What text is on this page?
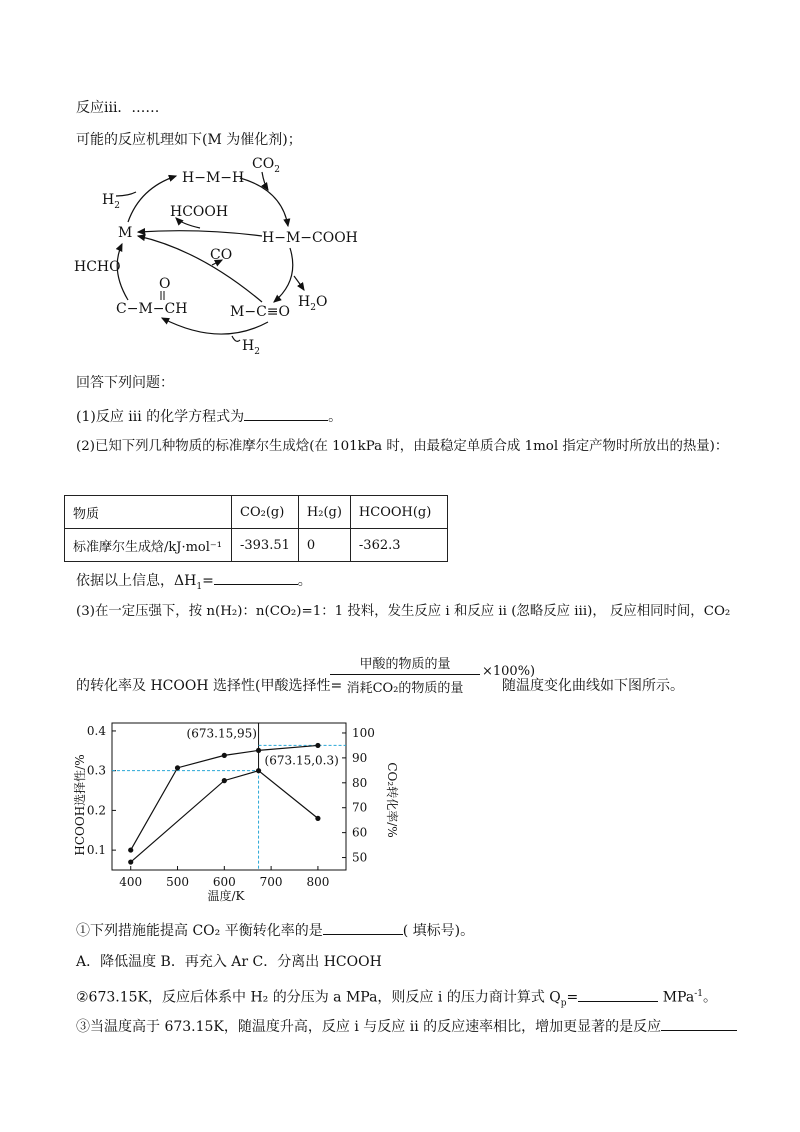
反应iii．……
可能的反应机理如下(M 为催化剂)；
H−M−H
$CO_2$
$H_2$	HCOOH
M	H−M−COOH
CO
HCHO
O
C−M−CH	M−C≡O
$H_2O$
$H_2$
回答下列问题：
(1)反应 iii 的化学方程式为	。
(2)已知下列几种物质的标准摩尔生成焓(在 101kPa 时，由最稳定单质合成 1mol 指定产物时所放出的热量)：
物质	CO₂(g)	H₂(g)	HCOOH(g)
标准摩尔生成焓/kJ·mol⁻¹	-393.51	0	-362.3
依据以上信息，$\Delta H_1=$	。
(3)在一定压强下，按 n(H₂)：n(CO₂)=1：1 投料，发生反应 i 和反应 ii (忽略反应 iii)， 反应相同时间，CO₂
甲酸的物质的量
消耗CO₂的物质的量
×100%)
的转化率及 HCOOH 选择性(甲酸选择性=	随温度变化曲线如下图所示。
HCOOH选择性/%	CO₂转化率/%
温度/K
400 500 600 700 800
0.1
0.2
0.3
0.4
50
60
70
80
90
100
(673.15,95)
(673.15,0.3)
①下列措施能提高 CO₂ 平衡转化率的是	( 填标号)。
A．降低温度 B．再充入 Ar C．分离出 HCOOH
②673.15K，反应后体系中 H₂ 的分压为 a MPa，则反应 i 的压力商计算式 $Q_p=$	MPa$^{-1}$。
③当温度高于 673.15K，随温度升高，反应 i 与反应 ii 的反应速率相比，增加更显著的是反应
